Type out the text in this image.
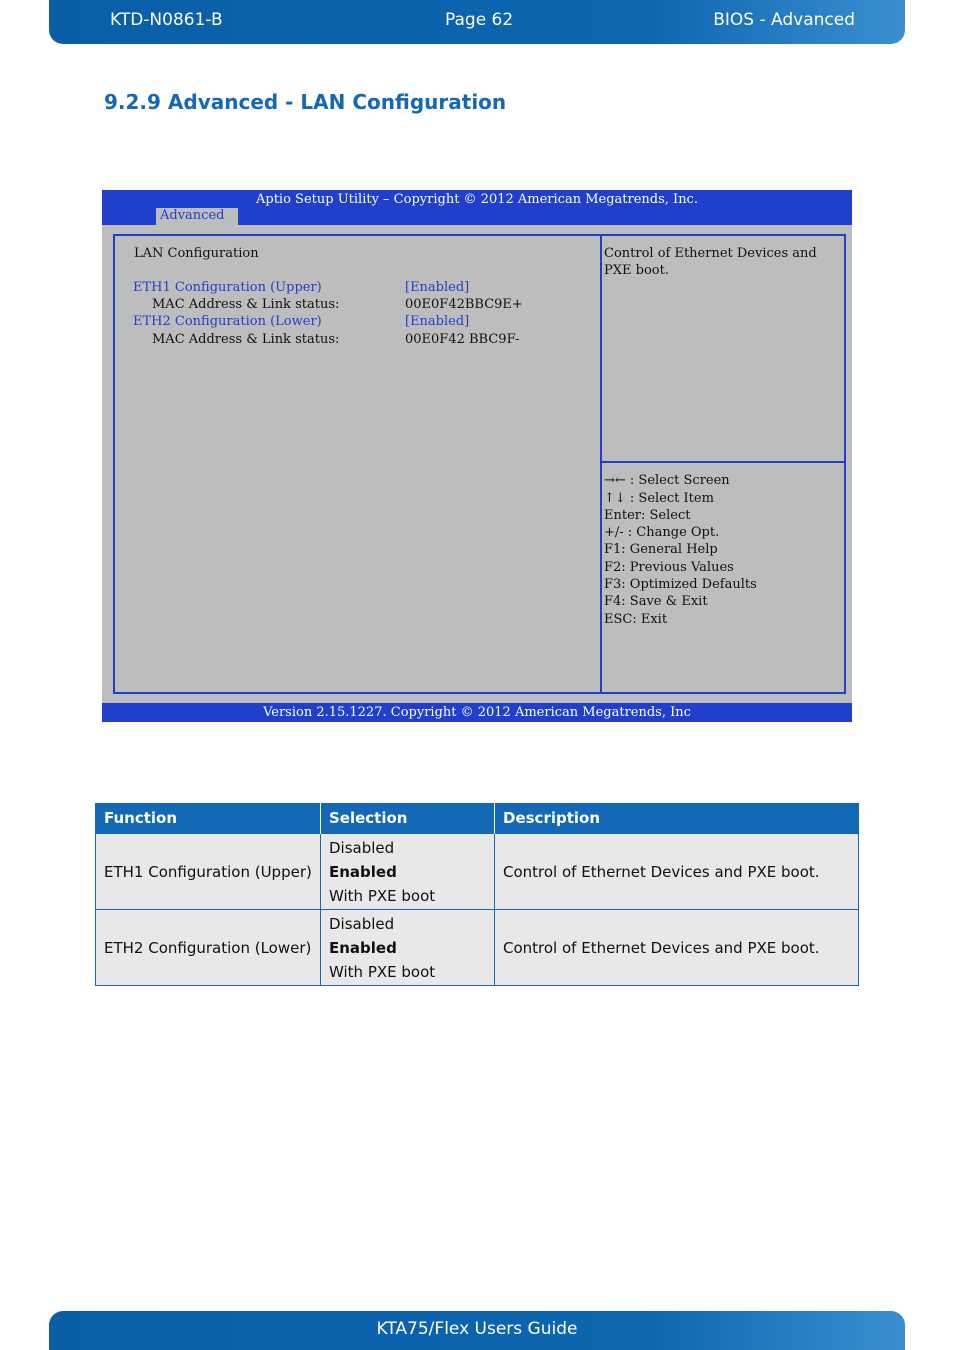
KTD-N0861-B	Page 62	BIOS - Advanced
9.2.9 Advanced - LAN Configuration
Aptio Setup Utility – Copyright © 2012 American Megatrends, Inc.
Advanced
LAN Configuration
ETH1 Configuration (Upper)	[Enabled]
MAC Address & Link status:	00E0F42BBC9E+
ETH2 Configuration (Lower)	[Enabled]
MAC Address & Link status:	00E0F42 BBC9F-
Control of Ethernet Devices and
PXE boot.
→← : Select Screen
↑↓ : Select Item
Enter: Select
+/- : Change Opt.
F1: General Help
F2: Previous Values
F3: Optimized Defaults
F4: Save & Exit
ESC: Exit
Version 2.15.1227. Copyright © 2012 American Megatrends, Inc
Function	Selection	Description
ETH1 Configuration (Upper)	Disabled
Enabled
With PXE boot	Control of Ethernet Devices and PXE boot.
ETH2 Configuration (Lower)	Disabled
Enabled
With PXE boot	Control of Ethernet Devices and PXE boot.
KTA75/Flex Users Guide
